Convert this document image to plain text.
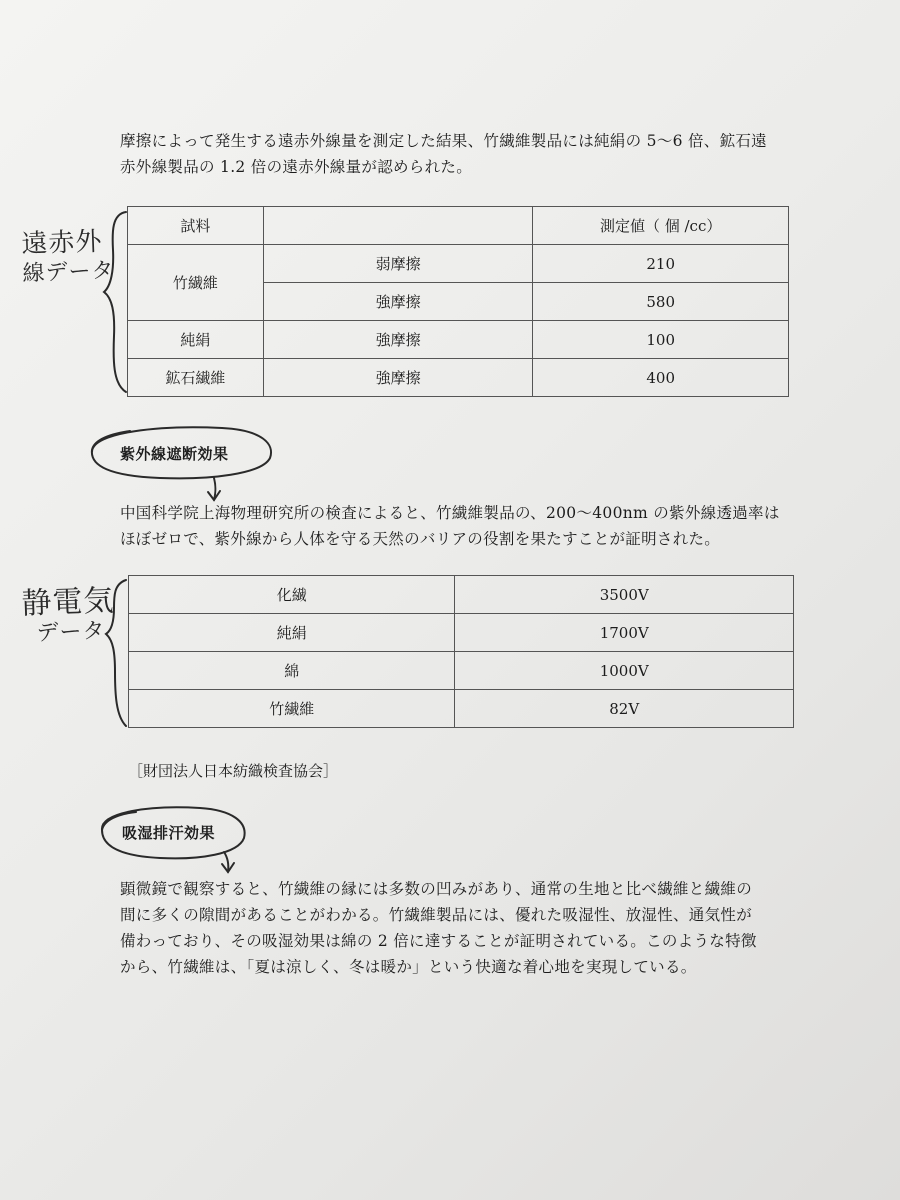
摩擦によって発生する遠赤外線量を測定した結果、竹繊維製品には純絹の 5〜6 倍、鉱石遠

赤外線製品の 1.2 倍の遠赤外線量が認められた。

試料		測定値（ 個 /cc）
竹繊維	弱摩擦	210
	強摩擦	580
純絹	強摩擦	100
鉱石繊維	強摩擦	400
遠赤外
線データ
静電気
データ
紫外線遮断効果

中国科学院上海物理研究所の検査によると、竹繊維製品の、200〜400nm の紫外線透過率は

ほぼゼロで、紫外線から人体を守る天然のバリアの役割を果たすことが証明された。

化繊	3500V
純絹	1700V
綿	1000V
竹繊維	82V
［財団法人日本紡織検査協会］
吸湿排汗効果

顕微鏡で観察すると、竹繊維の縁には多数の凹みがあり、通常の生地と比べ繊維と繊維の

間に多くの隙間があることがわかる。竹繊維製品には、優れた吸湿性、放湿性、通気性が

備わっており、その吸湿効果は綿の 2 倍に達することが証明されている。このような特徴

から、竹繊維は、「夏は涼しく、冬は暖か」という快適な着心地を実現している。
